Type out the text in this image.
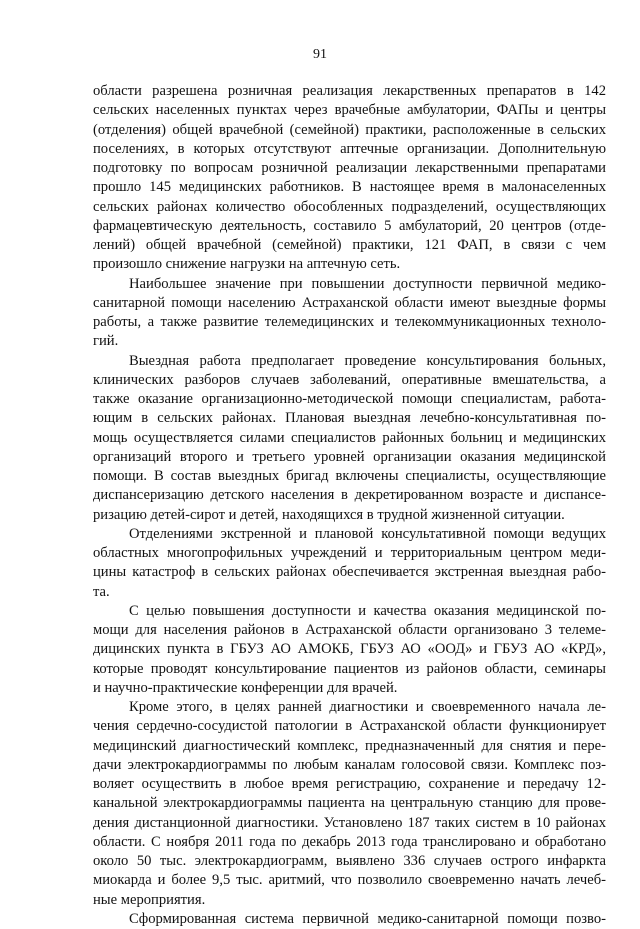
91
области разрешена розничная реализация лекарственных препаратов в 142
сельских населенных пунктах через врачебные амбулатории, ФАПы и центры
(отделения) общей врачебной (семейной) практики, расположенные в сельских
поселениях, в которых отсутствуют аптечные организации. Дополнительную
подготовку по вопросам розничной реализации лекарственными препаратами
прошло 145 медицинских работников. В настоящее время в малонаселенных
сельских районах количество обособленных подразделений, осуществляющих
фармацевтическую деятельность, составило 5 амбулаторий, 20 центров (отде-
лений) общей врачебной (семейной) практики, 121 ФАП, в связи с чем
произошло снижение нагрузки на аптечную сеть.
Наибольшее значение при повышении доступности первичной медико-
санитарной помощи населению Астраханской области имеют выездные формы
работы, а также развитие телемедицинских и телекоммуникационных техноло-
гий.
Выездная работа предполагает проведение консультирования больных,
клинических разборов случаев заболеваний, оперативные вмешательства, а
также оказание организационно-методической помощи специалистам, работа-
ющим в сельских районах. Плановая выездная лечебно-консультативная по-
мощь осуществляется силами специалистов районных больниц и медицинских
организаций второго и третьего уровней организации оказания медицинской
помощи. В состав выездных бригад включены специалисты, осуществляющие
диспансеризацию детского населения в декретированном возрасте и диспансе-
ризацию детей-сирот и детей, находящихся в трудной жизненной ситуации.
Отделениями экстренной и плановой консультативной помощи ведущих
областных многопрофильных учреждений и территориальным центром меди-
цины катастроф в сельских районах обеспечивается экстренная выездная рабо-
та.
С целью повышения доступности и качества оказания медицинской по-
мощи для населения районов в Астраханской области организовано 3 телеме-
дицинских пункта в ГБУЗ АО АМОКБ, ГБУЗ АО «ООД» и ГБУЗ АО «КРД»,
которые проводят консультирование пациентов из районов области, семинары
и научно-практические конференции для врачей.
Кроме этого, в целях ранней диагностики и своевременного начала ле-
чения сердечно-сосудистой патологии в Астраханской области функционирует
медицинский диагностический комплекс, предназначенный для снятия и пере-
дачи электрокардиограммы по любым каналам голосовой связи. Комплекс поз-
воляет осуществить в любое время регистрацию, сохранение и передачу 12-
канальной электрокардиограммы пациента на центральную станцию для прове-
дения дистанционной диагностики. Установлено 187 таких систем в 10 районах
области. С ноября 2011 года по декабрь 2013 года транслировано и обработано
около 50 тыс. электрокардиограмм, выявлено 336 случаев острого инфаркта
миокарда и более 9,5 тыс. аритмий, что позволило своевременно начать лечеб-
ные мероприятия.
Сформированная система первичной медико-санитарной помощи позво-
